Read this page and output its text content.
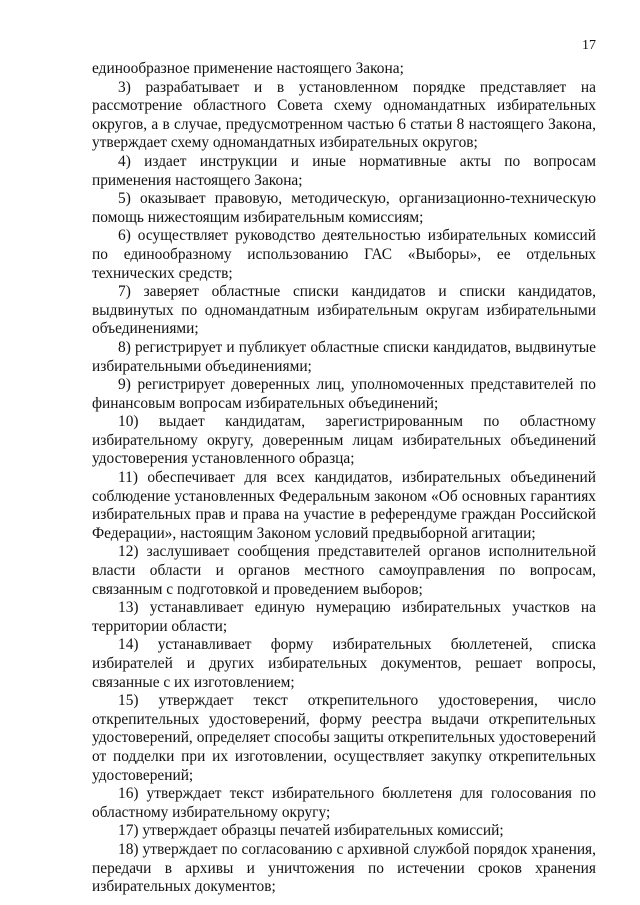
17

единообразное применение настоящего Закона;

3) разрабатывает и в установленном порядке представляет на рассмотрение областного Совета схему одномандатных избирательных округов, а в случае, предусмотренном частью 6 статьи 8 настоящего Закона, утверждает схему одномандатных избирательных округов;

4) издает инструкции и иные нормативные акты по вопросам применения настоящего Закона;

5) оказывает правовую, методическую, организационно-техническую помощь нижестоящим избирательным комиссиям;

6) осуществляет руководство деятельностью избирательных комиссий по единообразному использованию ГАС «Выборы», ее отдельных технических средств;

7) заверяет областные списки кандидатов и списки кандидатов, выдвинутых по одномандатным избирательным округам избирательными объединениями;

8) регистрирует и публикует областные списки кандидатов, выдвинутые избирательными объединениями;

9) регистрирует доверенных лиц, уполномоченных представителей по финансовым вопросам избирательных объединений;

10) выдает кандидатам, зарегистрированным по областному избирательному округу, доверенным лицам избирательных объединений удостоверения установленного образца;

11) обеспечивает для всех кандидатов, избирательных объединений соблюдение установленных Федеральным законом «Об основных гарантиях избирательных прав и права на участие в референдуме граждан Российской Федерации», настоящим Законом условий предвыборной агитации;

12) заслушивает сообщения представителей органов исполнительной власти области и органов местного самоуправления по вопросам, связанным с подготовкой и проведением выборов;

13) устанавливает единую нумерацию избирательных участков на территории области;

14) устанавливает форму избирательных бюллетеней, списка избирателей и других избирательных документов, решает вопросы, связанные с их изготовлением;

15) утверждает текст открепительного удостоверения, число открепительных удостоверений, форму реестра выдачи открепительных удостоверений, определяет способы защиты открепительных удостоверений от подделки при их изготовлении, осуществляет закупку открепительных удостоверений;

16) утверждает текст избирательного бюллетеня для голосования по областному избирательному округу;

17) утверждает образцы печатей избирательных комиссий;

18) утверждает по согласованию с архивной службой порядок хранения, передачи в архивы и уничтожения по истечении сроков хранения избирательных документов;
